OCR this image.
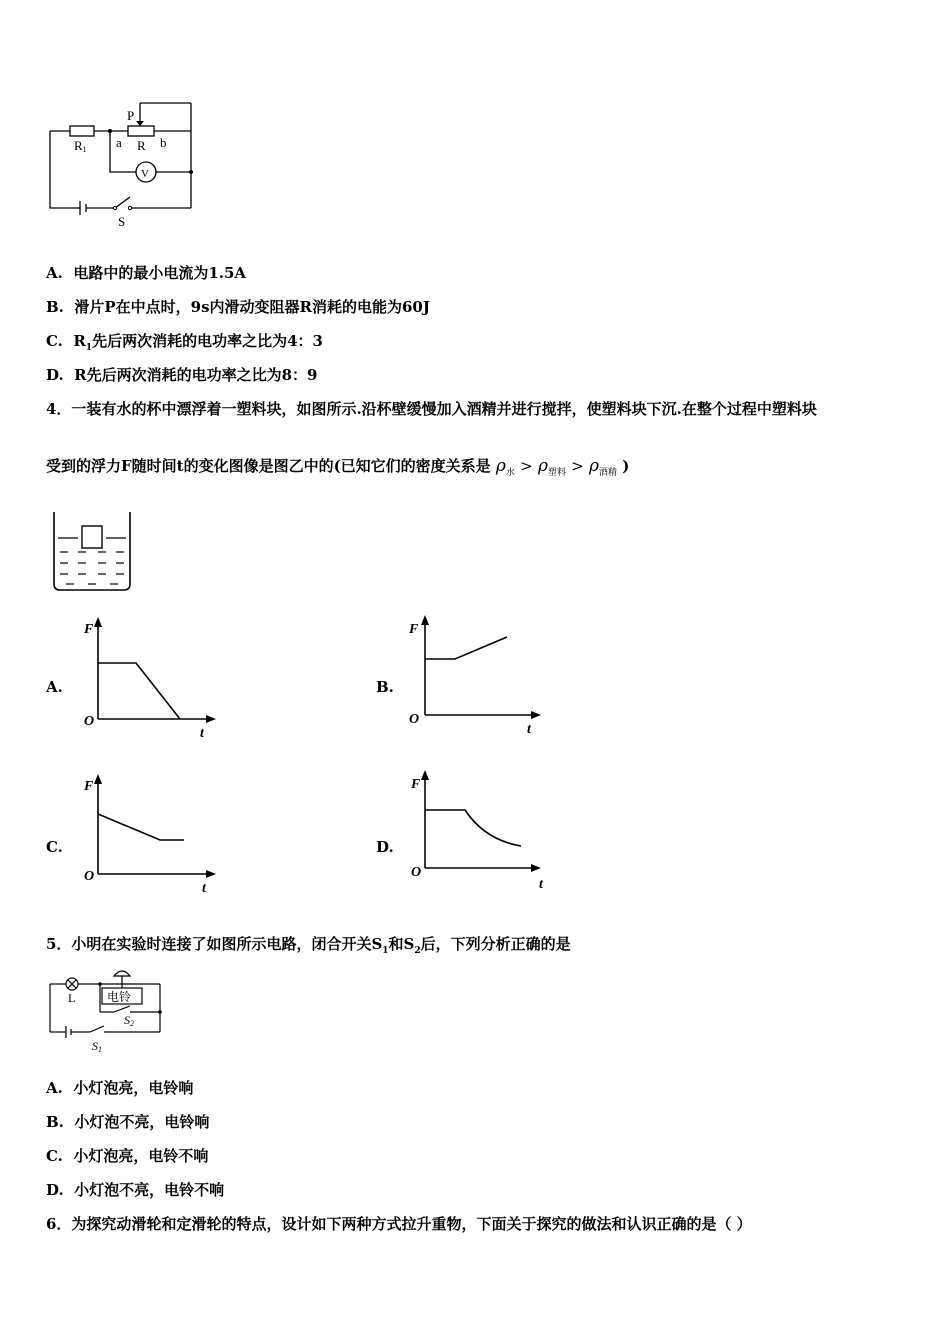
P
R1 a R b
V
S
A. 电路中的最小电流为1.5A
B. 滑片P在中点时，9s内滑动变阻器R消耗的电能为60J
C. $R_1$先后两次消耗的电功率之比为4：3
D. R先后两次消耗的电功率之比为8：9
4．一装有水的杯中漂浮着一塑料块，如图所示.沿杯壁缓慢加入酒精并进行搅拌，使塑料块下沉.在整个过程中塑料块
受到的浮力F随时间t的变化图像是图乙中的(已知它们的密度关系是 $\rho_水 > \rho_{塑料} > \rho_{酒精}$ )
A.
F
O
t
B.
F
O
t
C.
F
O
t
D.
F
O
t
5．小明在实验时连接了如图所示电路，闭合开关$S_1$和$S_2$后，下列分析正确的是
L	电铃
S2
S1
A. 小灯泡亮，电铃响
B. 小灯泡不亮，电铃响
C. 小灯泡亮，电铃不响
D. 小灯泡不亮，电铃不响
6．为探究动滑轮和定滑轮的特点，设计如下两种方式拉升重物，下面关于探究的做法和认识正确的是（ ）
